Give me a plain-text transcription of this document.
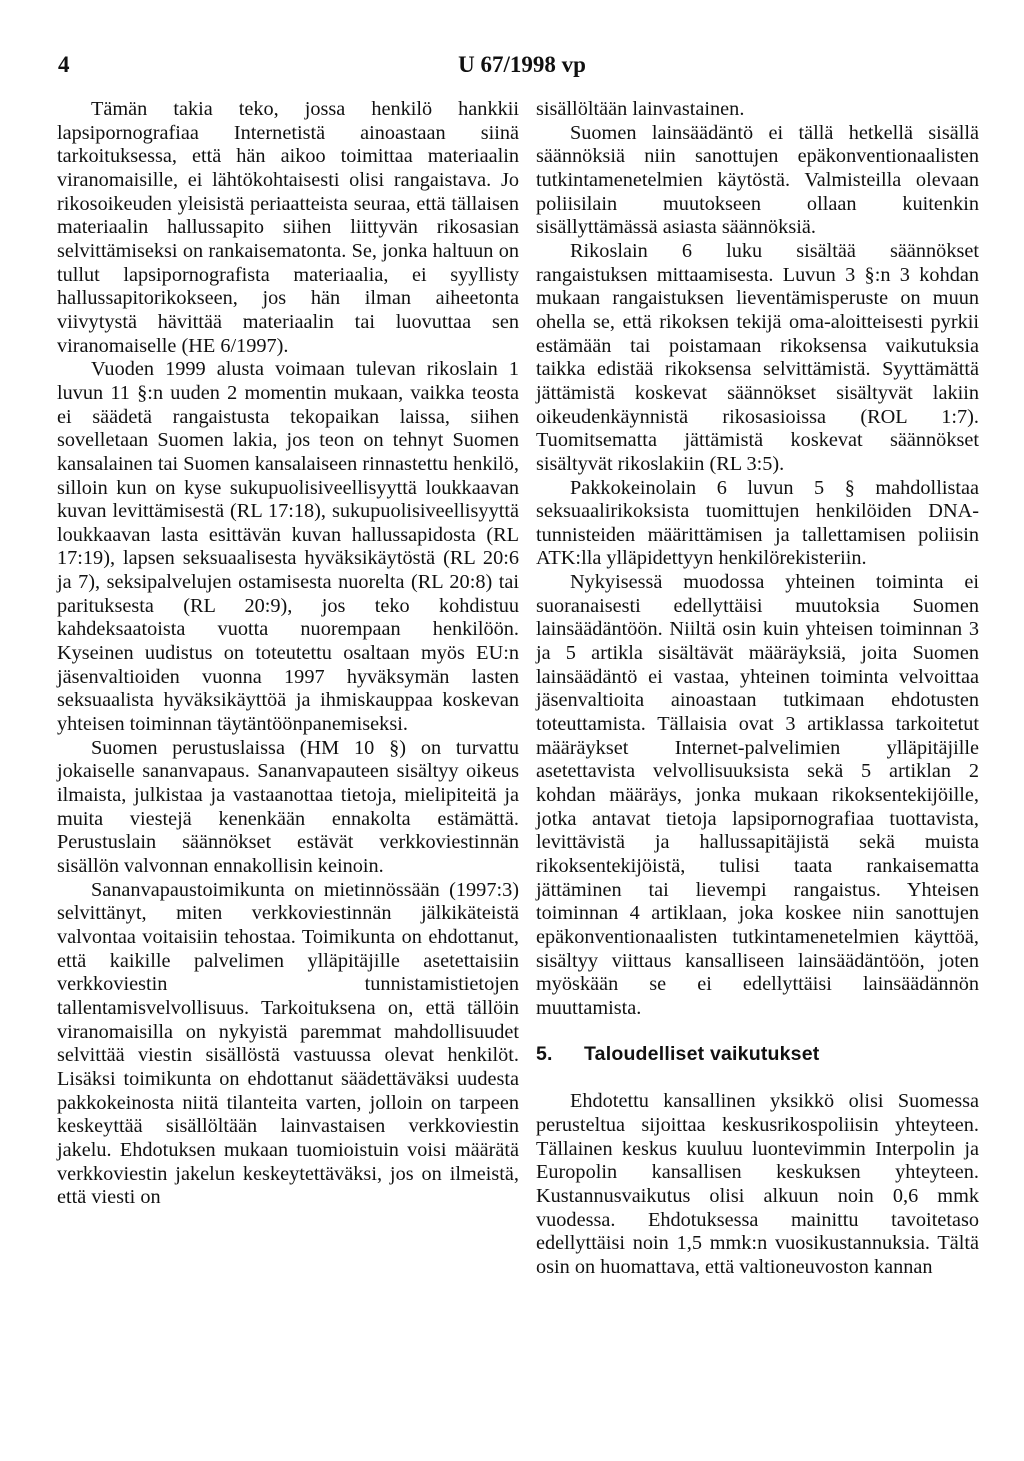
4	U 67/1998 vp

Tämän takia teko, jossa henkilö hankkii lapsipornografiaa Internetistä ainoastaan siinä tarkoituksessa, että hän aikoo toimittaa materiaalin viranomaisille, ei lähtökohtaisesti olisi rangaistava. Jo rikosoikeuden yleisistä periaatteista seuraa, että tällaisen materiaalin hallussapito siihen liittyvän rikosasian selvittämiseksi on rankaisematonta. Se, jonka haltuun on tullut lapsipornografista materiaalia, ei syyllisty hallussapitorikokseen, jos hän ilman aiheetonta viivytystä hävittää materiaalin tai luovuttaa sen viranomaiselle (HE 6/1997).

Vuoden 1999 alusta voimaan tulevan rikoslain 1 luvun 11 §:n uuden 2 momentin mukaan, vaikka teosta ei säädetä rangaistusta tekopaikan laissa, siihen sovelletaan Suomen lakia, jos teon on tehnyt Suomen kansalainen tai Suomen kansalaiseen rinnastettu henkilö, silloin kun on kyse sukupuolisiveellisyyttä loukkaavan kuvan levittämisestä (RL 17:18), sukupuolisiveellisyyttä loukkaavan lasta esittävän kuvan hallussapidosta (RL 17:19), lapsen seksuaalisesta hyväksikäytöstä (RL 20:6 ja 7), seksipalvelujen ostamisesta nuorelta (RL 20:8) tai parituksesta (RL 20:9), jos teko kohdistuu kahdeksaatoista vuotta nuorempaan henkilöön. Kyseinen uudistus on toteutettu osaltaan myös EU:n jäsenvaltioiden vuonna 1997 hyväksymän lasten seksuaalista hyväksikäyttöä ja ihmiskauppaa koskevan yhteisen toiminnan täytäntöönpanemiseksi.

Suomen perustuslaissa (HM 10 §) on turvattu jokaiselle sananvapaus. Sananvapauteen sisältyy oikeus ilmaista, julkistaa ja vastaanottaa tietoja, mielipiteitä ja muita viestejä kenenkään ennakolta estämättä. Perustuslain säännökset estävät verkkoviestinnän sisällön valvonnan ennakollisin keinoin.

Sananvapaustoimikunta on mietinnössään (1997:3) selvittänyt, miten verkkoviestinnän jälkikäteistä valvontaa voitaisiin tehostaa. Toimikunta on ehdottanut, että kaikille palvelimen ylläpitäjille asetettaisiin verkkoviestin tunnistamistietojen tallentamisvelvollisuus. Tarkoituksena on, että tällöin viranomaisilla on nykyistä paremmat mahdollisuudet selvittää viestin sisällöstä vastuussa olevat henkilöt. Lisäksi toimikunta on ehdottanut säädettäväksi uudesta pakkokeinosta niitä tilanteita varten, jolloin on tarpeen keskeyttää sisällöltään lainvastaisen verkkoviestin jakelu. Ehdotuksen mukaan tuomioistuin voisi määrätä verkkoviestin jakelun keskeytettäväksi, jos on ilmeistä, että viesti on

sisällöltään lainvastainen.

Suomen lainsäädäntö ei tällä hetkellä sisällä säännöksiä niin sanottujen epäkonventionaalisten tutkintamenetelmien käytöstä. Valmisteilla olevaan poliisilain muutokseen ollaan kuitenkin sisällyttämässä asiasta säännöksiä.

Rikoslain 6 luku sisältää säännökset rangaistuksen mittaamisesta. Luvun 3 §:n 3 kohdan mukaan rangaistuksen lieventämisperuste on muun ohella se, että rikoksen tekijä oma-aloitteisesti pyrkii estämään tai poistamaan rikoksensa vaikutuksia taikka edistää rikoksensa selvittämistä. Syyttämättä jättämistä koskevat säännökset sisältyvät lakiin oikeudenkäynnistä rikosasioissa (ROL 1:7). Tuomitsematta jättämistä koskevat säännökset sisältyvät rikoslakiin (RL 3:5).

Pakkokeinolain 6 luvun 5 § mahdollistaa seksuaalirikoksista tuomittujen henkilöiden DNA-tunnisteiden määrittämisen ja tallettamisen poliisin ATK:lla ylläpidettyyn henkilörekisteriin.

Nykyisessä muodossa yhteinen toiminta ei suoranaisesti edellyttäisi muutoksia Suomen lainsäädäntöön. Niiltä osin kuin yhteisen toiminnan 3 ja 5 artikla sisältävät määräyksiä, joita Suomen lainsäädäntö ei vastaa, yhteinen toiminta velvoittaa jäsenvaltioita ainoastaan tutkimaan ehdotusten toteuttamista. Tällaisia ovat 3 artiklassa tarkoitetut määräykset Internet-palvelimien ylläpitäjille asetettavista velvollisuuksista sekä 5 artiklan 2 kohdan määräys, jonka mukaan rikoksentekijöille, jotka antavat tietoja lapsipornografiaa tuottavista, levittävistä ja hallussapitäjistä sekä muista rikoksentekijöistä, tulisi taata rankaisematta jättäminen tai lievempi rangaistus. Yhteisen toiminnan 4 artiklaan, joka koskee niin sanottujen epäkonventionaalisten tutkintamenetelmien käyttöä, sisältyy viittaus kansalliseen lainsäädäntöön, joten myöskään se ei edellyttäisi lainsäädännön muuttamista.

5.	Taloudelliset vaikutukset

Ehdotettu kansallinen yksikkö olisi Suomessa perusteltua sijoittaa keskusrikospoliisin yhteyteen. Tällainen keskus kuuluu luontevimmin Interpolin ja Europolin kansallisen keskuksen yhteyteen. Kustannusvaikutus olisi alkuun noin 0,6 mmk vuodessa. Ehdotuksessa mainittu tavoitetaso edellyttäisi noin 1,5 mmk:n vuosikustannuksia. Tältä osin on huomattava, että valtioneuvoston kannan
